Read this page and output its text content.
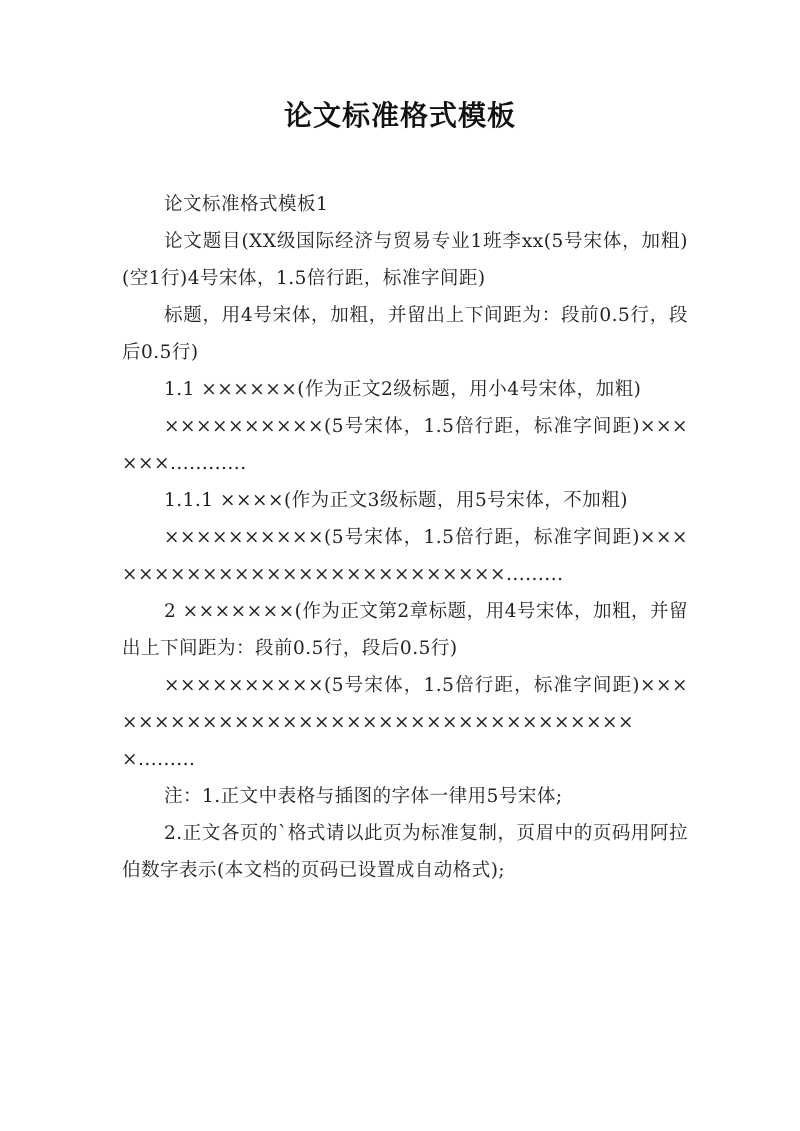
论文标准格式模板

论文标准格式模板1

论文题目(XX级国际经济与贸易专业1班李xx(5号宋体，加粗)(空1行)4号宋体，1.5倍行距，标准字间距)

标题，用4号宋体，加粗，并留出上下间距为：段前0.5行，段后0.5行)

1.1 ××××××(作为正文2级标题，用小4号宋体，加粗)

××××××××××(5号宋体，1.5倍行距，标准字间距)××××××............

1.1.1 ××××(作为正文3级标题，用5号宋体，不加粗)

××××××××××(5号宋体，1.5倍行距，标准字间距)×××××××××××××××××××××××××××.........

2 ×××××××(作为正文第2章标题，用4号宋体，加粗，并留出上下间距为：段前0.5行，段后0.5行)

××××××××××(5号宋体，1.5倍行距，标准字间距)××××××××××××××××××××××××××××××××××××.........

注：1.正文中表格与插图的字体一律用5号宋体;

2.正文各页的`格式请以此页为标准复制，页眉中的页码用阿拉伯数字表示(本文档的页码已设置成自动格式);
